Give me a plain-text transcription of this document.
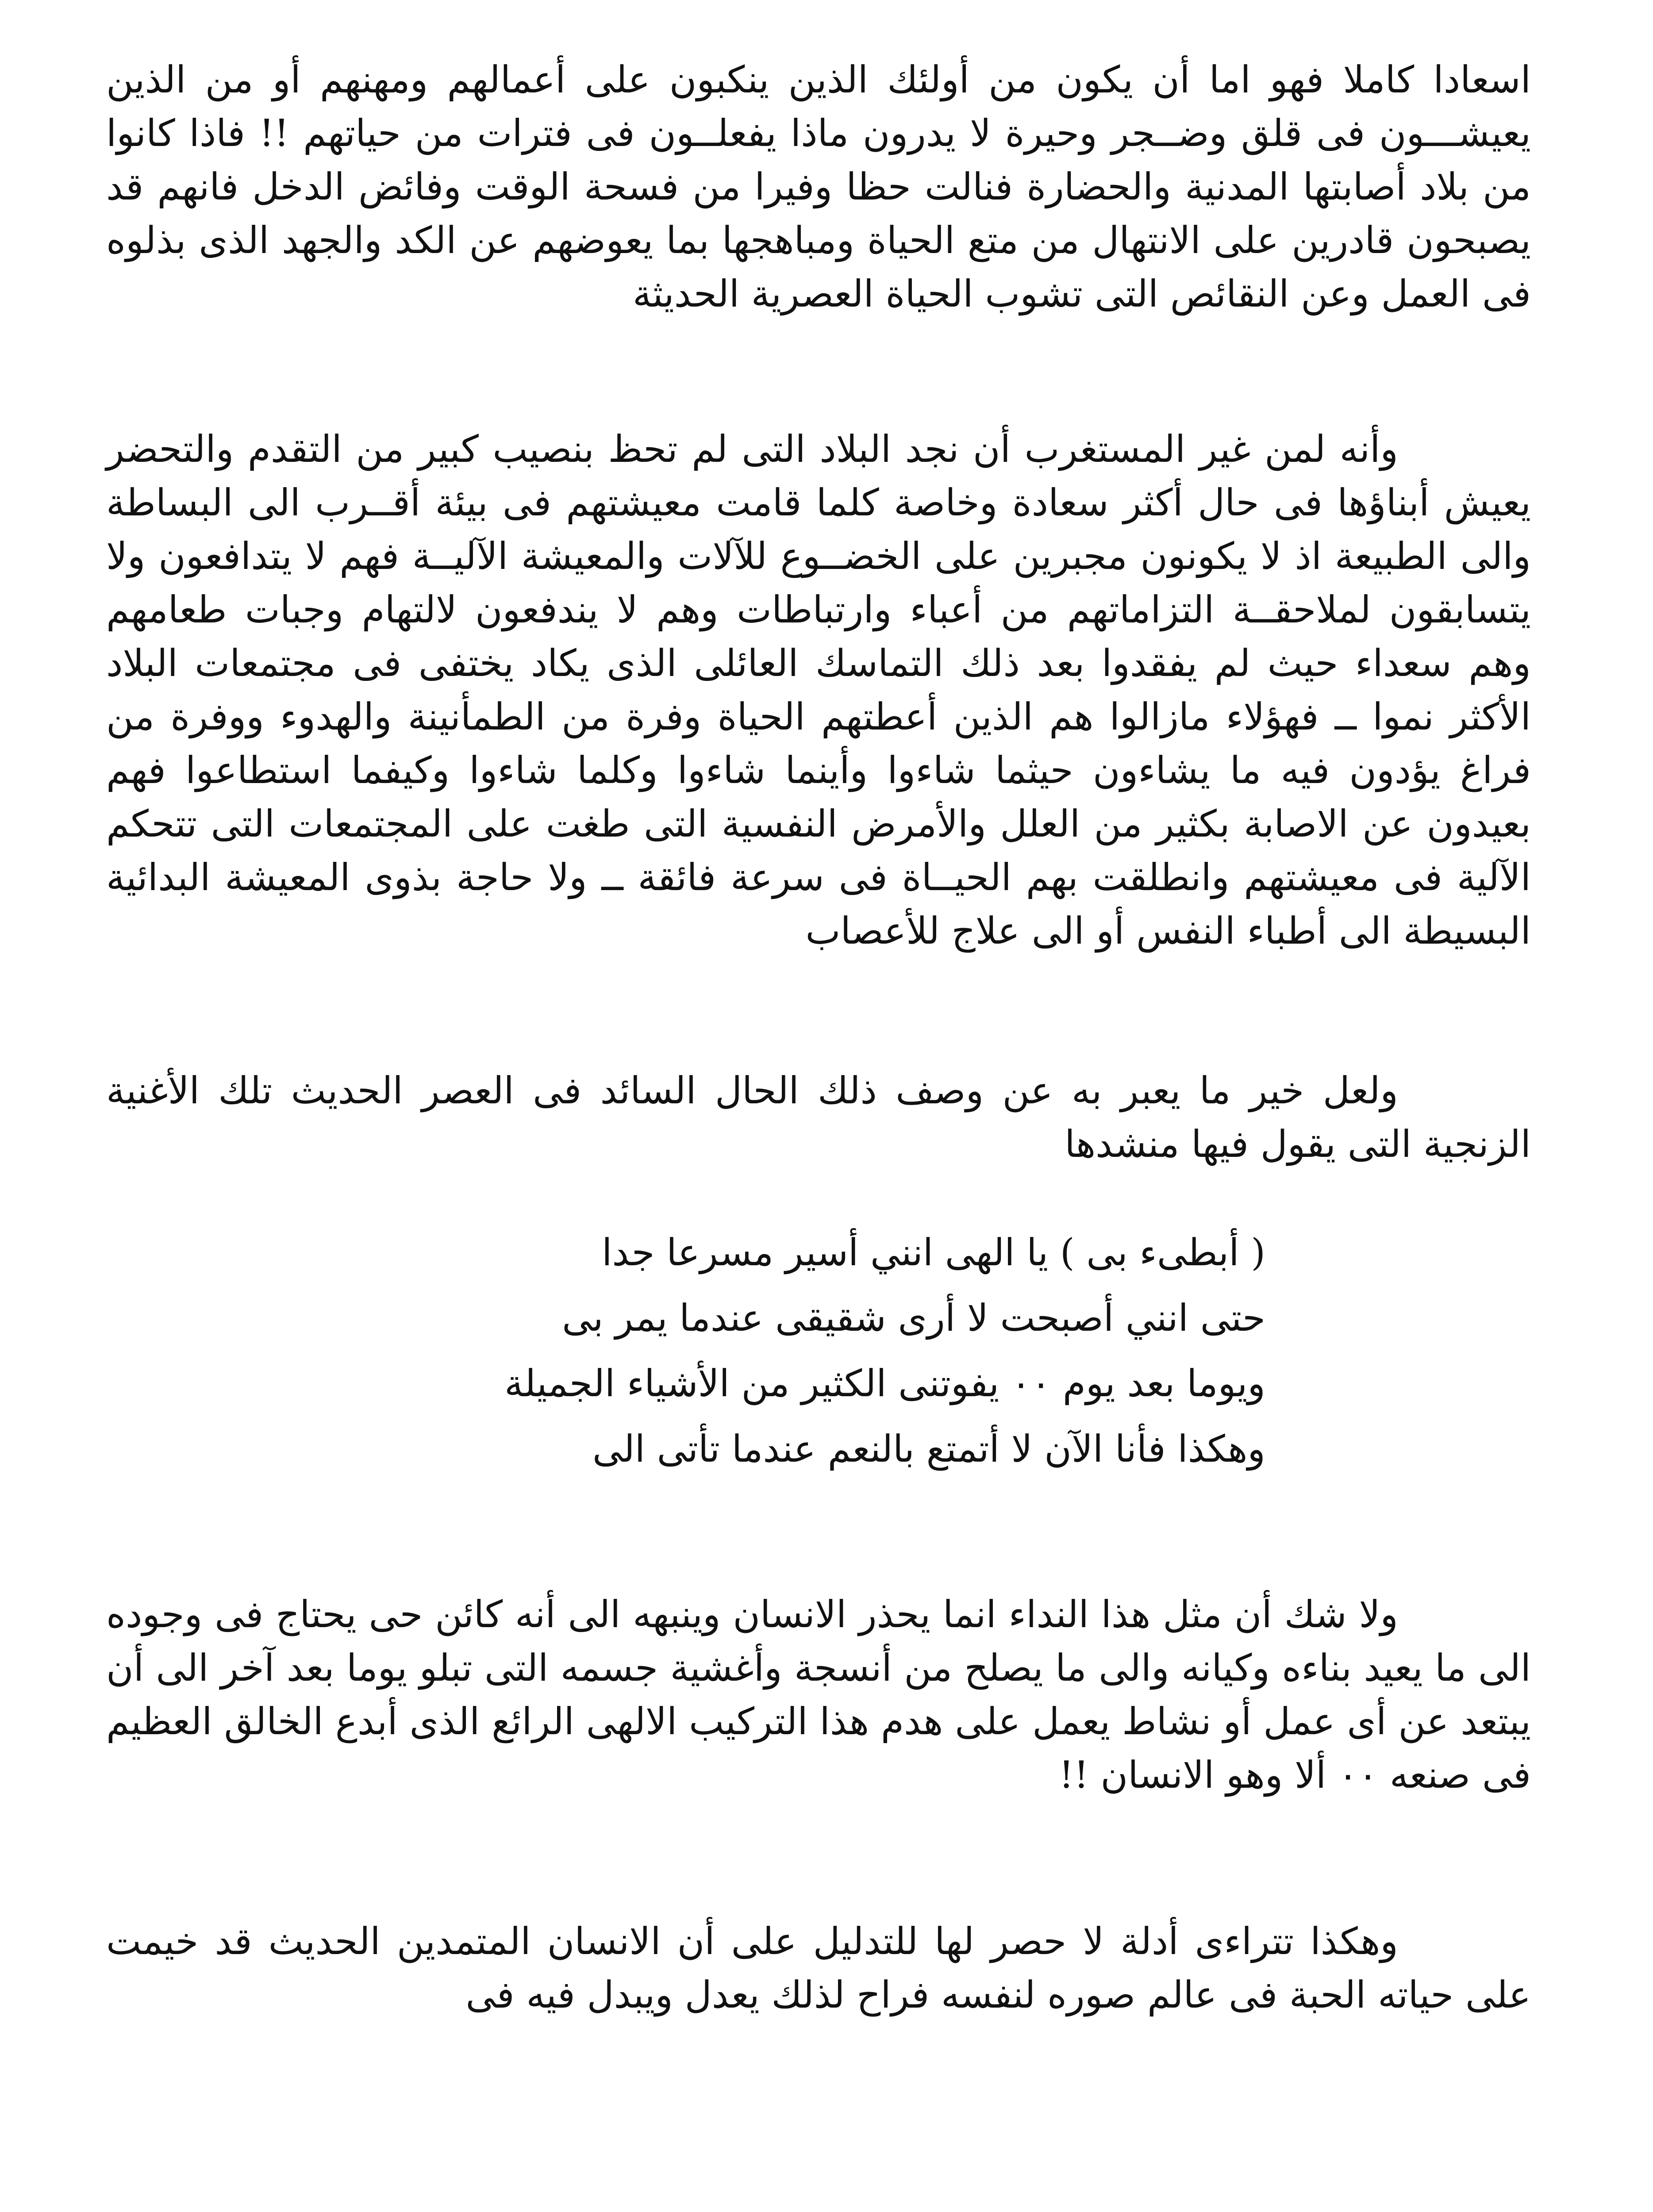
اسعادا كاملا فهو اما أن يكون من أولئك الذين ينكبون على أعمالهم ومهنهم أو من الذين يعيشـــون فى قلق وضــجر وحيرة لا يدرون ماذا يفعلــون فى فترات من حياتهم !! فاذا كانوا من بلاد أصابتها المدنية والحضارة فنالت حظا وفيرا من فسحة الوقت وفائض الدخل فانهم قد يصبحون قادرين على الانتهال من متع الحياة ومباهجها بما يعوضهم عن الكد والجهد الذى بذلوه فى العمل وعن النقائص التى تشوب الحياة العصرية الحديثة

وأنه لمن غير المستغرب أن نجد البلاد التى لم تحظ بنصيب كبير من التقدم والتحضر يعيش أبناؤها فى حال أكثر سعادة وخاصة كلما قامت معيشتهم فى بيئة أقــرب الى البساطة والى الطبيعة اذ لا يكونون مجبرين على الخضــوع للآلات والمعيشة الآليــة فهم لا يتدافعون ولا يتسابقون لملاحقــة التزاماتهم من أعباء وارتباطات وهم لا يندفعون لالتهام وجبات طعامهم وهم سعداء حيث لم يفقدوا بعد ذلك التماسك العائلى الذى يكاد يختفى فى مجتمعات البلاد الأكثر نموا ــ فهؤلاء مازالوا هم الذين أعطتهم الحياة وفرة من الطمأنينة والهدوء ووفرة من فراغ يؤدون فيه ما يشاءون حيثما شاءوا وأينما شاءوا وكلما شاءوا وكيفما استطاعوا فهم بعيدون عن الاصابة بكثير من العلل والأمرض النفسية التى طغت على المجتمعات التى تتحكم الآلية فى معيشتهم وانطلقت بهم الحيــاة فى سرعة فائقة ــ ولا حاجة بذوى المعيشة البدائية البسيطة الى أطباء النفس أو الى علاج للأعصاب

ولعل خير ما يعبر به عن وصف ذلك الحال السائد فى العصر الحديث تلك الأغنية الزنجية التى يقول فيها منشدها

( أبطىء بى ) يا الهى انني أسير مسرعا جدا
حتى انني أصبحت لا أرى شقيقى عندما يمر بى
ويوما بعد يوم ٠٠ يفوتنى الكثير من الأشياء الجميلة
وهكذا فأنا الآن لا أتمتع بالنعم عندما تأتى الى

ولا شك أن مثل هذا النداء انما يحذر الانسان وينبهه الى أنه كائن حى يحتاج فى وجوده الى ما يعيد بناءه وكيانه والى ما يصلح من أنسجة وأغشية جسمه التى تبلو يوما بعد آخر الى أن يبتعد عن أى عمل أو نشاط يعمل على هدم هذا التركيب الالهى الرائع الذى أبدع الخالق العظيم فى صنعه ٠٠ ألا وهو الانسان !!

وهكذا تتراءى أدلة لا حصر لها للتدليل على أن الانسان المتمدين الحديث قد خيمت على حياته الحبة فى عالم صوره لنفسه فراح لذلك يعدل ويبدل فيه فى
